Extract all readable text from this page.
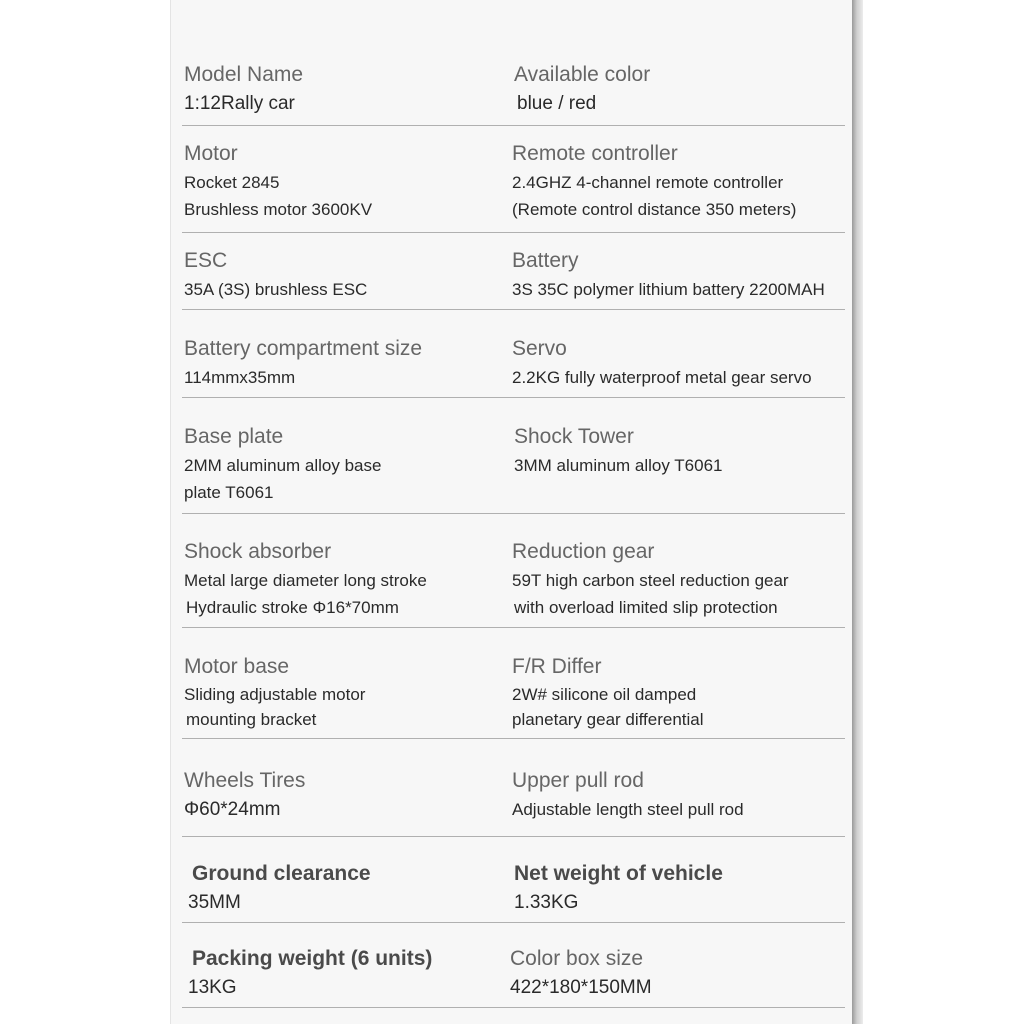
Model Name
1:12Rally car
Available color
blue / red
Motor
Rocket 2845
Brushless motor 3600KV
Remote controller
2.4GHZ 4-channel remote controller
(Remote control distance 350 meters)
ESC
35A (3S) brushless ESC
Battery
3S 35C polymer lithium battery 2200MAH
Battery compartment size
114mmx35mm
Servo
2.2KG fully waterproof metal gear servo
Base plate
2MM aluminum alloy base
plate T6061
Shock Tower
3MM aluminum alloy T6061
Shock absorber
Metal large diameter long stroke
Hydraulic stroke Φ16*70mm
Reduction gear
59T high carbon steel reduction gear
with overload limited slip protection
Motor base
Sliding adjustable motor
mounting bracket
F/R Differ
2W# silicone oil damped
planetary gear differential
Wheels Tires
Φ60*24mm
Upper pull rod
Adjustable length steel pull rod
Ground clearance
35MM
Net weight of vehicle
1.33KG
Packing weight (6 units)
13KG
Color box size
422*180*150MM
